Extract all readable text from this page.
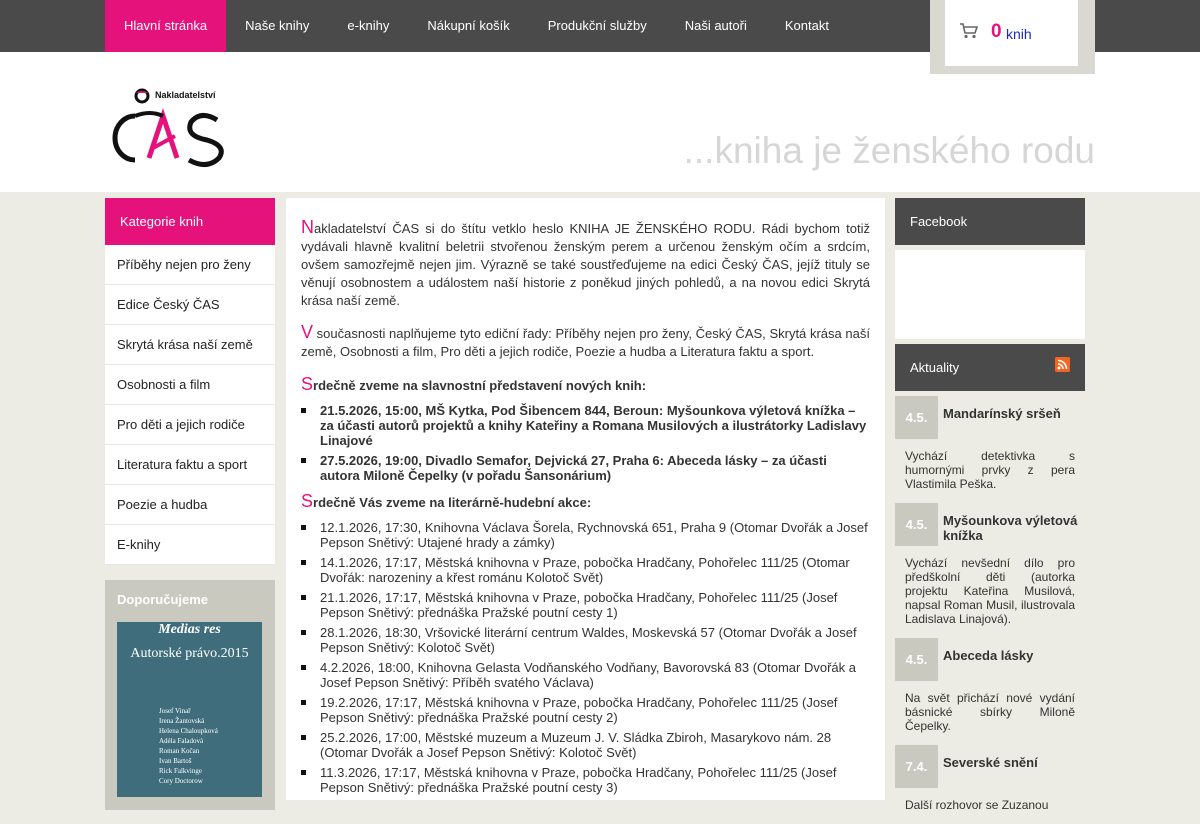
Hlavní stránka	Naše knihy	e-knihy	Nákupní košík	Produkční služby	Naši autoři	Kontakt
...kniha je ženského rodu
0 knih
Nakladatelství
Kategorie knih
Příběhy nejen pro ženy
Edice Český ČAS
Skrytá krása naší země
Osobnosti a film
Pro děti a jejich rodiče
Literatura faktu a sport
Poezie a hudba
E-knihy
Doporučujeme
Medias res
Autorské právo.2015
Josef Vinař
Irena Žantovská
Helena Chaloupková
Adéla Faladová
Roman Kočan
Ivan Bartoš
Rick Falkvinge
Cory Doctorow

Nakladatelství ČAS si do štítu vetklo heslo KNIHA JE ŽENSKÉHO RODU. Rádi bychom totiž vydávali hlavně kvalitní beletrii stvořenou ženským perem a určenou ženským očím a srdcím, ovšem samozřejmě nejen jim. Výrazně se také soustřeďujeme na edici Český ČAS, jejíž tituly se věnují osobnostem a událostem naší historie z poněkud jiných pohledů, a na novou edici Skrytá krása naší země.

V současnosti naplňujeme tyto ediční řady: Příběhy nejen pro ženy, Český ČAS, Skrytá krása naší země, Osobnosti a film, Pro děti a jejich rodiče, Poezie a hudba a Literatura faktu a sport.

Srdečně zveme na slavnostní představení nových knih:

21.5.2026, 15:00, MŠ Kytka, Pod Šibencem 844, Beroun: Myšounkova výletová knížka – za účasti autorů projektů a knihy Kateřiny a Romana Musilových a ilustrátorky Ladislavy Linajové
27.5.2026, 19:00, Divadlo Semafor, Dejvická 27, Praha 6: Abeceda lásky – za účasti autora Miloně Čepelky (v pořadu Šansonárium)

Srdečně Vás zveme na literárně-hudební akce:

12.1.2026, 17:30, Knihovna Václava Šorela, Rychnovská 651, Praha 9 (Otomar Dvořák a Josef Pepson Snětivý: Utajené hrady a zámky)
14.1.2026, 17:17, Městská knihovna v Praze, pobočka Hradčany, Pohořelec 111/25 (Otomar Dvořák: narozeniny a křest románu Kolotoč Svět)
21.1.2026, 17:17, Městská knihovna v Praze, pobočka Hradčany, Pohořelec 111/25 (Josef Pepson Snětivý: přednáška Pražské poutní cesty 1)
28.1.2026, 18:30, Vršovické literární centrum Waldes, Moskevská 57 (Otomar Dvořák a Josef Pepson Snětivý: Kolotoč Svět)
4.2.2026, 18:00, Knihovna Gelasta Vodňanského Vodňany, Bavorovská 83 (Otomar Dvořák a Josef Pepson Snětivý: Příběh svatého Václava)
19.2.2026, 17:17, Městská knihovna v Praze, pobočka Hradčany, Pohořelec 111/25 (Josef Pepson Snětivý: přednáška Pražské poutní cesty 2)
25.2.2026, 17:00, Městské muzeum a Muzeum J. V. Sládka Zbiroh, Masarykovo nám. 28 (Otomar Dvořák a Josef Pepson Snětivý: Kolotoč Svět)
11.3.2026, 17:17, Městská knihovna v Praze, pobočka Hradčany, Pohořelec 111/25 (Josef Pepson Snětivý: přednáška Pražské poutní cesty 3)
Facebook
Aktuality
4.5.	Mandarínský sršeň
Vychází detektivka s humornými prvky z pera Vlastimila Peška.
4.5.	Myšounkova výletová knížka
Vychází nevšední dílo pro předškolní děti (autorka projektu Kateřina Musilová, napsal Roman Musil, ilustrovala Ladislava Linajová).
4.5.	Abeceda lásky
Na svět přichází nové vydání básnické sbírky Miloně Čepelky.
7.4.	Severské snění
Další rozhovor se Zuzanou
